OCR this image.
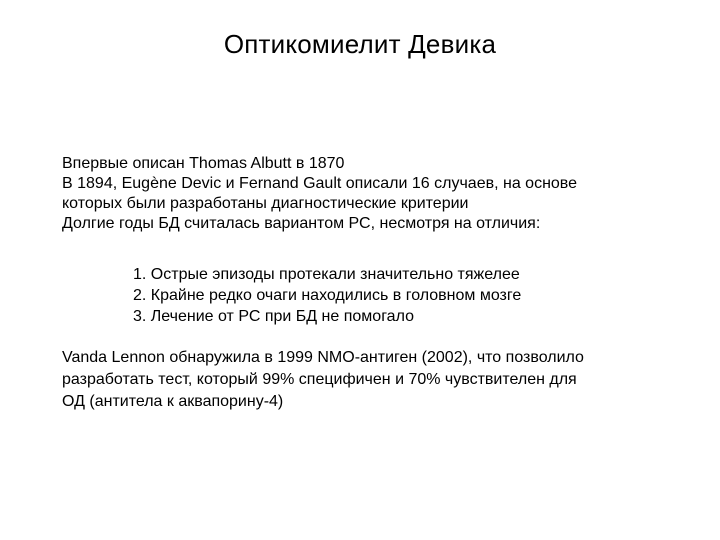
Оптикомиелит Девика
Впервые описан Thomas Albutt в 1870
В 1894, Eugène Devic и Fernand Gault описали 16 случаев, на основе
которых были разработаны диагностические критерии
Долгие годы БД считалась вариантом РС, несмотря на отличия:
1. Острые эпизоды протекали значительно тяжелее
2. Крайне редко очаги находились в головном мозге
3. Лечение от РС при БД не помогало
Vanda Lennon обнаружила в 1999 NMO-антиген (2002), что позволило
разработать тест, который 99% специфичен и 70% чувствителен для
ОД (антитела к аквапорину-4)
